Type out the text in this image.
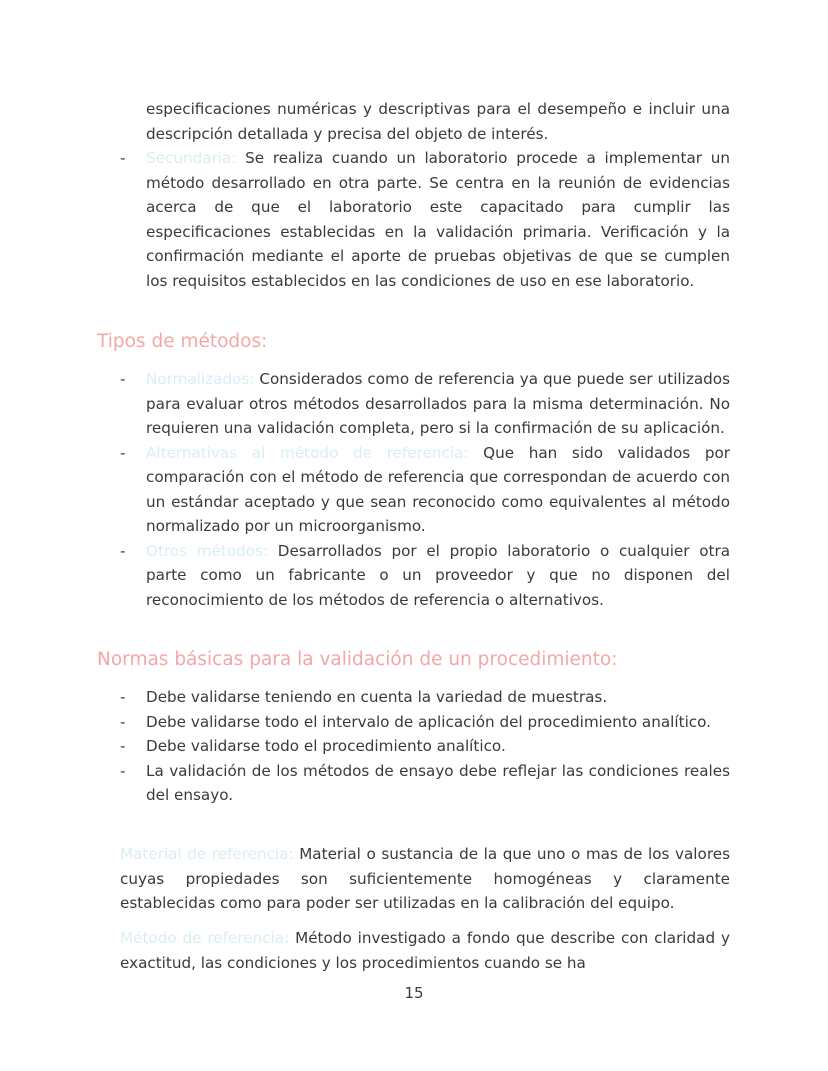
especificaciones numéricas y descriptivas para el desempeño e incluir una descripción detallada y precisa del objeto de interés.
-	Secundaria: Se realiza cuando un laboratorio procede a implementar un método desarrollado en otra parte. Se centra en la reunión de evidencias acerca de que el laboratorio este capacitado para cumplir las especificaciones establecidas en la validación primaria. Verificación y la confirmación mediante el aporte de pruebas objetivas de que se cumplen los requisitos establecidos en las condiciones de uso en ese laboratorio.
Tipos de métodos:
-	Normalizados: Considerados como de referencia ya que puede ser utilizados para evaluar otros métodos desarrollados para la misma determinación. No requieren una validación completa, pero si la confirmación de su aplicación.
-	Alternativas al método de referencia: Que han sido validados por comparación con el método de referencia que correspondan de acuerdo con un estándar aceptado y que sean reconocido como equivalentes al método normalizado por un microorganismo.
-	Otros métodos: Desarrollados por el propio laboratorio o cualquier otra parte como un fabricante o un proveedor y que no disponen del reconocimiento de los métodos de referencia o alternativos.
Normas básicas para la validación de un procedimiento:
-	Debe validarse teniendo en cuenta la variedad de muestras.
-	Debe validarse todo el intervalo de aplicación del procedimiento analítico.
-	Debe validarse todo el procedimiento analítico.
-	La validación de los métodos de ensayo debe reflejar las condiciones reales del ensayo.

Material de referencia: Material o sustancia de la que uno o mas de los valores cuyas propiedades son suficientemente homogéneas y claramente establecidas como para poder ser utilizadas en la calibración del equipo.

Método de referencia: Método investigado a fondo que describe con claridad y exactitud, las condiciones y los procedimientos cuando se ha

15
